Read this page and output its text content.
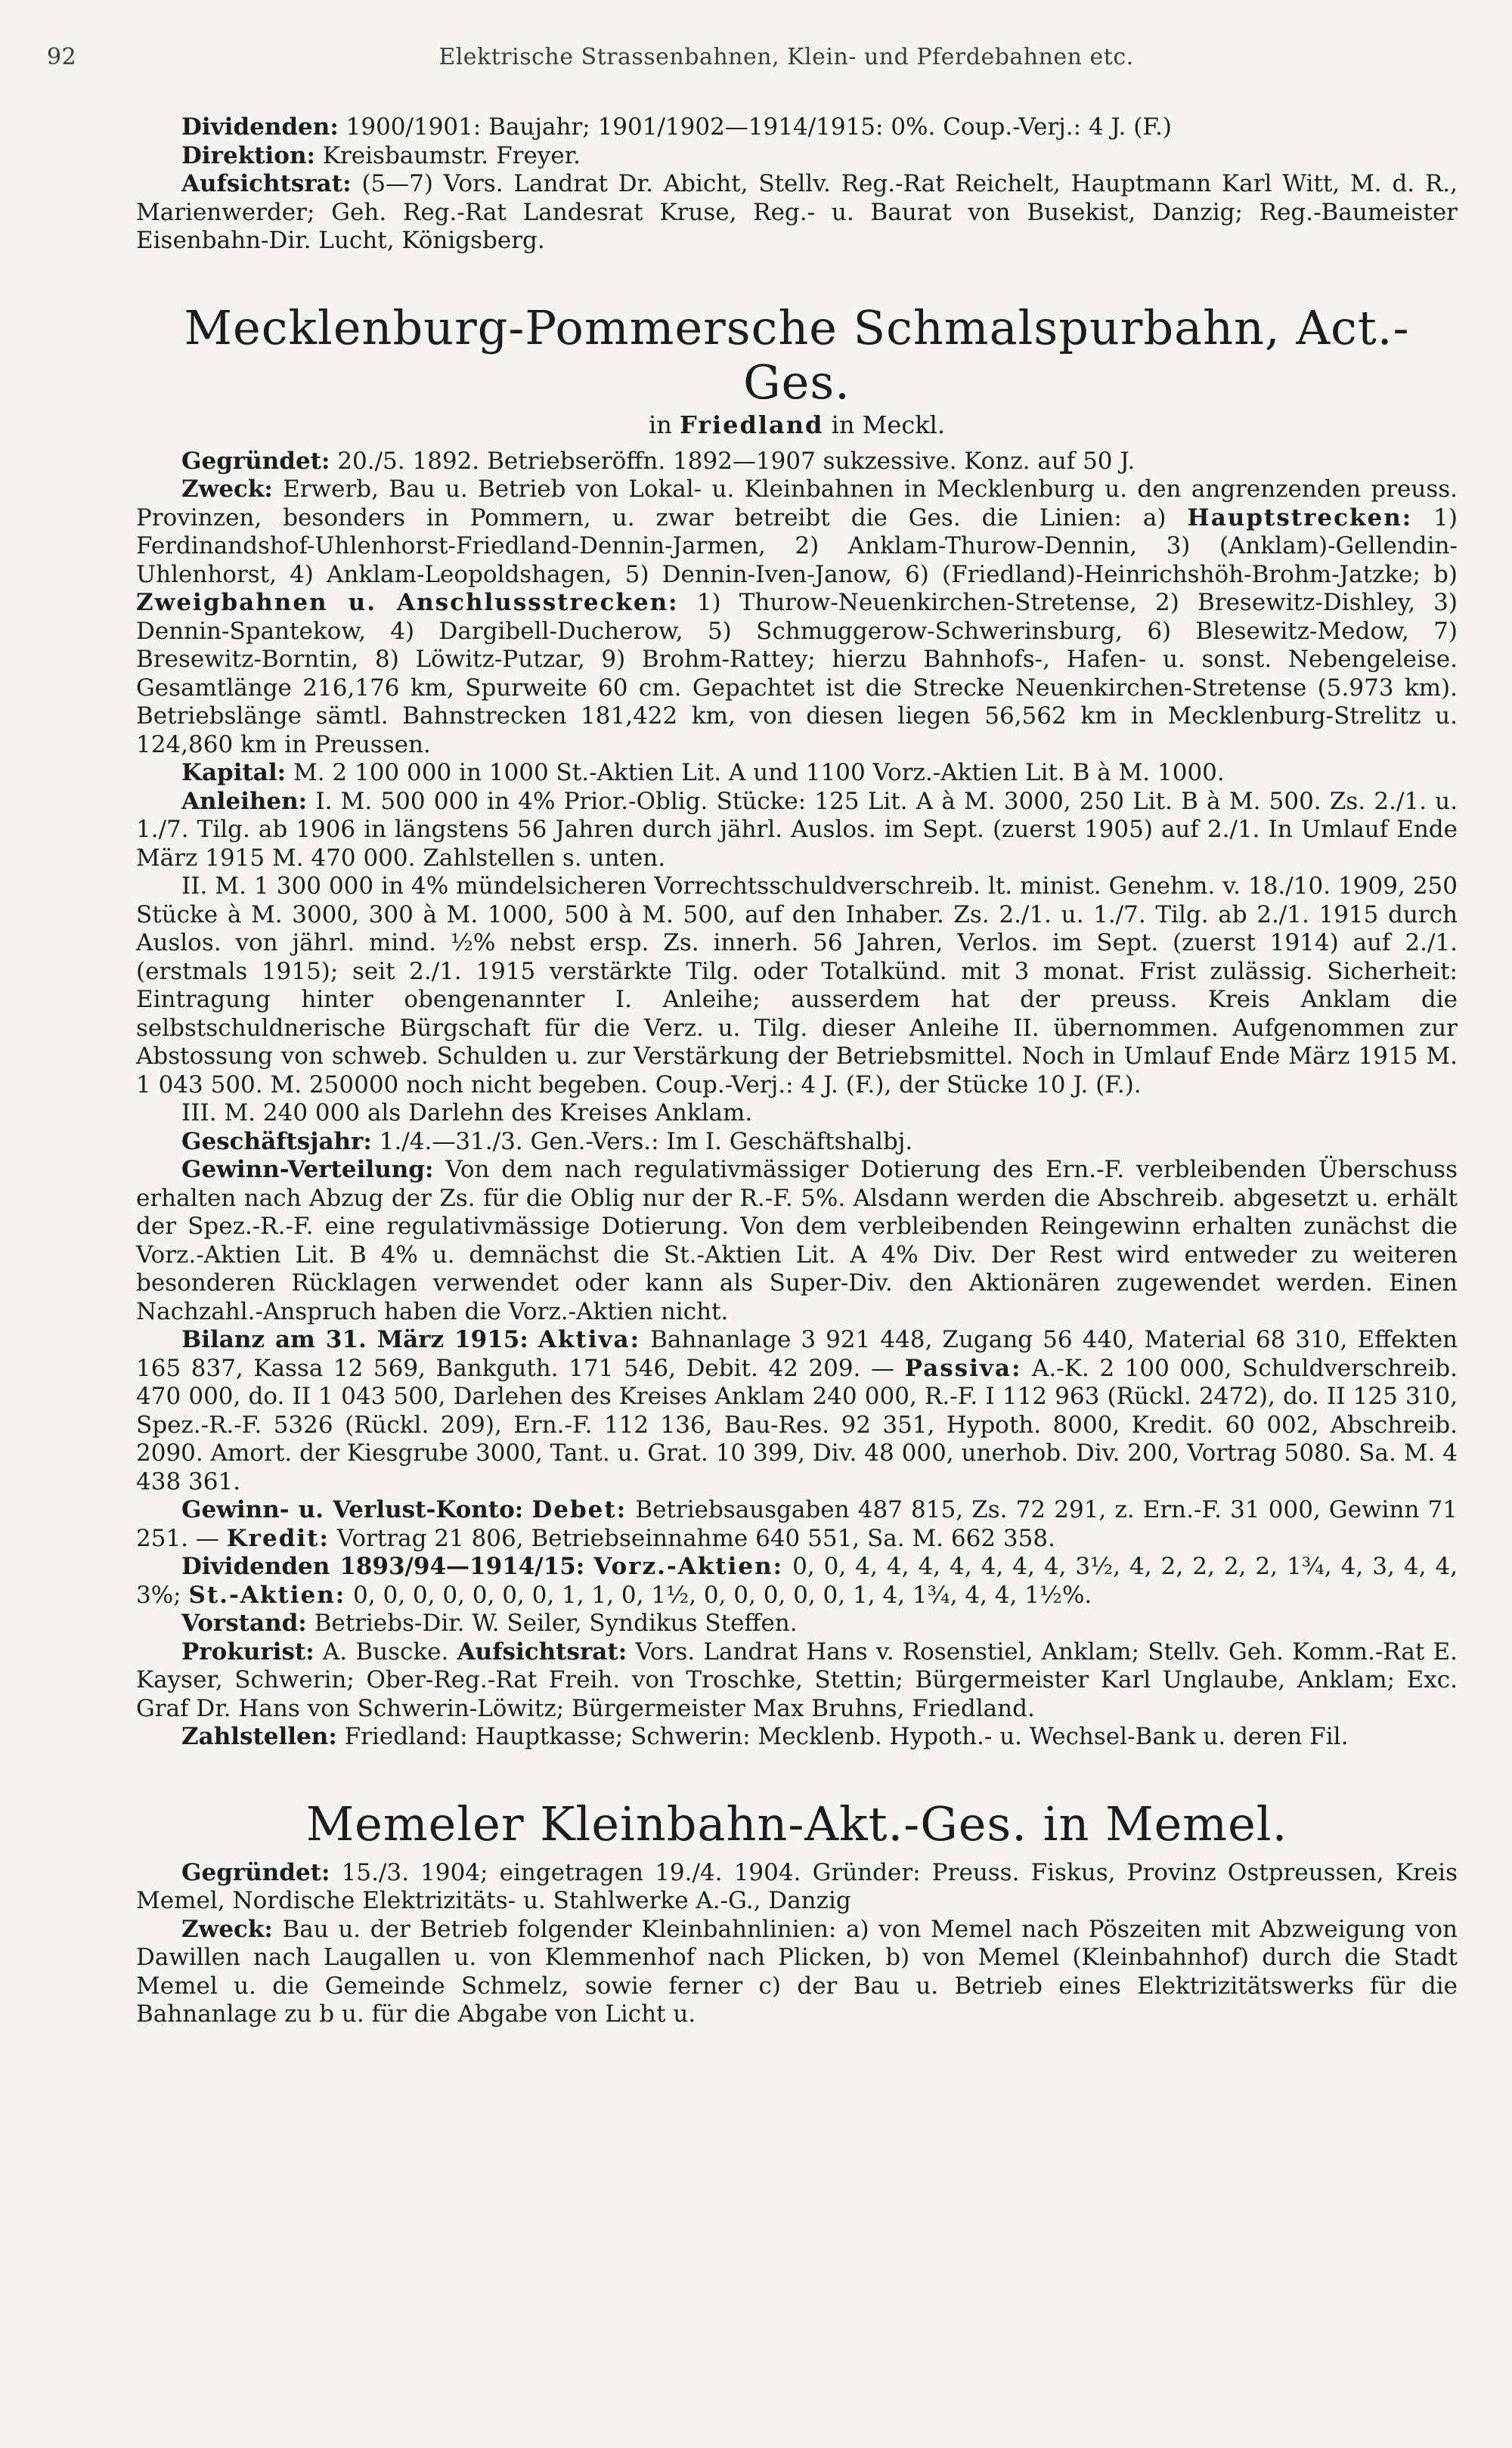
92	Elektrische Strassenbahnen, Klein- und Pferdebahnen etc.

Dividenden: 1900/1901: Baujahr; 1901/1902—1914/1915: 0%. Coup.-Verj.: 4 J. (F.)

Direktion: Kreisbaumstr. Freyer.

Aufsichtsrat: (5—7) Vors. Landrat Dr. Abicht, Stellv. Reg.-Rat Reichelt, Hauptmann Karl Witt, M. d. R., Marienwerder; Geh. Reg.-Rat Landesrat Kruse, Reg.- u. Baurat von Busekist, Danzig; Reg.-Baumeister Eisenbahn-Dir. Lucht, Königsberg.

Mecklenburg-Pommersche Schmalspurbahn, Act.-Ges.
in Friedland in Meckl.

Gegründet: 20./5. 1892. Betriebseröffn. 1892—1907 sukzessive. Konz. auf 50 J.

Zweck: Erwerb, Bau u. Betrieb von Lokal- u. Kleinbahnen in Mecklenburg u. den angrenzenden preuss. Provinzen, besonders in Pommern, u. zwar betreibt die Ges. die Linien: a) Hauptstrecken: 1) Ferdinandshof-Uhlenhorst-Friedland-Dennin-Jarmen, 2) Anklam-Thurow-Dennin, 3) (Anklam)-Gellendin-Uhlenhorst, 4) Anklam-Leopoldshagen, 5) Dennin-Iven-Janow, 6) (Friedland)-Heinrichshöh-Brohm-Jatzke; b) Zweigbahnen u. Anschlussstrecken: 1) Thurow-Neuenkirchen-Stretense, 2) Bresewitz-Dishley, 3) Dennin-Spantekow, 4) Dargibell-Ducherow, 5) Schmuggerow-Schwerinsburg, 6) Blesewitz-Medow, 7) Bresewitz-Borntin, 8) Löwitz-Putzar, 9) Brohm-Rattey; hierzu Bahnhofs-, Hafen- u. sonst. Nebengeleise. Gesamtlänge 216,176 km, Spurweite 60 cm. Gepachtet ist die Strecke Neuenkirchen-Stretense (5.973 km). Betriebslänge sämtl. Bahnstrecken 181,422 km, von diesen liegen 56,562 km in Mecklenburg-Strelitz u. 124,860 km in Preussen.

Kapital: M. 2 100 000 in 1000 St.-Aktien Lit. A und 1100 Vorz.-Aktien Lit. B à M. 1000.

Anleihen: I. M. 500 000 in 4% Prior.-Oblig. Stücke: 125 Lit. A à M. 3000, 250 Lit. B à M. 500. Zs. 2./1. u. 1./7. Tilg. ab 1906 in längstens 56 Jahren durch jährl. Auslos. im Sept. (zuerst 1905) auf 2./1. In Umlauf Ende März 1915 M. 470 000. Zahlstellen s. unten.

II. M. 1 300 000 in 4% mündelsicheren Vorrechtsschuldverschreib. lt. minist. Genehm. v. 18./10. 1909, 250 Stücke à M. 3000, 300 à M. 1000, 500 à M. 500, auf den Inhaber. Zs. 2./1. u. 1./7. Tilg. ab 2./1. 1915 durch Auslos. von jährl. mind. ½% nebst ersp. Zs. innerh. 56 Jahren, Verlos. im Sept. (zuerst 1914) auf 2./1. (erstmals 1915); seit 2./1. 1915 verstärkte Tilg. oder Totalkünd. mit 3 monat. Frist zulässig. Sicherheit: Eintragung hinter obengenannter I. Anleihe; ausserdem hat der preuss. Kreis Anklam die selbstschuldnerische Bürgschaft für die Verz. u. Tilg. dieser Anleihe II. übernommen. Aufgenommen zur Abstossung von schweb. Schulden u. zur Verstärkung der Betriebsmittel. Noch in Umlauf Ende März 1915 M. 1 043 500. M. 250000 noch nicht begeben. Coup.-Verj.: 4 J. (F.), der Stücke 10 J. (F.).

III. M. 240 000 als Darlehn des Kreises Anklam.

Geschäftsjahr: 1./4.—31./3. Gen.-Vers.: Im I. Geschäftshalbj.

Gewinn-Verteilung: Von dem nach regulativmässiger Dotierung des Ern.-F. verbleibenden Überschuss erhalten nach Abzug der Zs. für die Oblig nur der R.-F. 5%. Alsdann werden die Abschreib. abgesetzt u. erhält der Spez.-R.-F. eine regulativmässige Dotierung. Von dem verbleibenden Reingewinn erhalten zunächst die Vorz.-Aktien Lit. B 4% u. demnächst die St.-Aktien Lit. A 4% Div. Der Rest wird entweder zu weiteren besonderen Rücklagen verwendet oder kann als Super-Div. den Aktionären zugewendet werden. Einen Nachzahl.-Anspruch haben die Vorz.-Aktien nicht.

Bilanz am 31. März 1915: Aktiva: Bahnanlage 3 921 448, Zugang 56 440, Material 68 310, Effekten 165 837, Kassa 12 569, Bankguth. 171 546, Debit. 42 209. — Passiva: A.-K. 2 100 000, Schuldverschreib. 470 000, do. II 1 043 500, Darlehen des Kreises Anklam 240 000, R.-F. I 112 963 (Rückl. 2472), do. II 125 310, Spez.-R.-F. 5326 (Rückl. 209), Ern.-F. 112 136, Bau-Res. 92 351, Hypoth. 8000, Kredit. 60 002, Abschreib. 2090. Amort. der Kiesgrube 3000, Tant. u. Grat. 10 399, Div. 48 000, unerhob. Div. 200, Vortrag 5080. Sa. M. 4 438 361.

Gewinn- u. Verlust-Konto: Debet: Betriebsausgaben 487 815, Zs. 72 291, z. Ern.-F. 31 000, Gewinn 71 251. — Kredit: Vortrag 21 806, Betriebseinnahme 640 551, Sa. M. 662 358.

Dividenden 1893/94—1914/15: Vorz.-Aktien: 0, 0, 4, 4, 4, 4, 4, 4, 4, 3½, 4, 2, 2, 2, 2, 1¾, 4, 3, 4, 4, 3%; St.-Aktien: 0, 0, 0, 0, 0, 0, 0, 1, 1, 0, 1½, 0, 0, 0, 0, 0, 1, 4, 1¾, 4, 4, 1½%.

Vorstand: Betriebs-Dir. W. Seiler, Syndikus Steffen.

Prokurist: A. Buscke. Aufsichtsrat: Vors. Landrat Hans v. Rosenstiel, Anklam; Stellv. Geh. Komm.-Rat E. Kayser, Schwerin; Ober-Reg.-Rat Freih. von Troschke, Stettin; Bürgermeister Karl Unglaube, Anklam; Exc. Graf Dr. Hans von Schwerin-Löwitz; Bürgermeister Max Bruhns, Friedland.

Zahlstellen: Friedland: Hauptkasse; Schwerin: Mecklenb. Hypoth.- u. Wechsel-Bank u. deren Fil.

Memeler Kleinbahn-Akt.-Ges. in Memel.

Gegründet: 15./3. 1904; eingetragen 19./4. 1904. Gründer: Preuss. Fiskus, Provinz Ostpreussen, Kreis Memel, Nordische Elektrizitäts- u. Stahlwerke A.-G., Danzig

Zweck: Bau u. der Betrieb folgender Kleinbahnlinien: a) von Memel nach Pöszeiten mit Abzweigung von Dawillen nach Laugallen u. von Klemmenhof nach Plicken, b) von Memel (Kleinbahnhof) durch die Stadt Memel u. die Gemeinde Schmelz, sowie ferner c) der Bau u. Betrieb eines Elektrizitätswerks für die Bahnanlage zu b u. für die Abgabe von Licht u.
